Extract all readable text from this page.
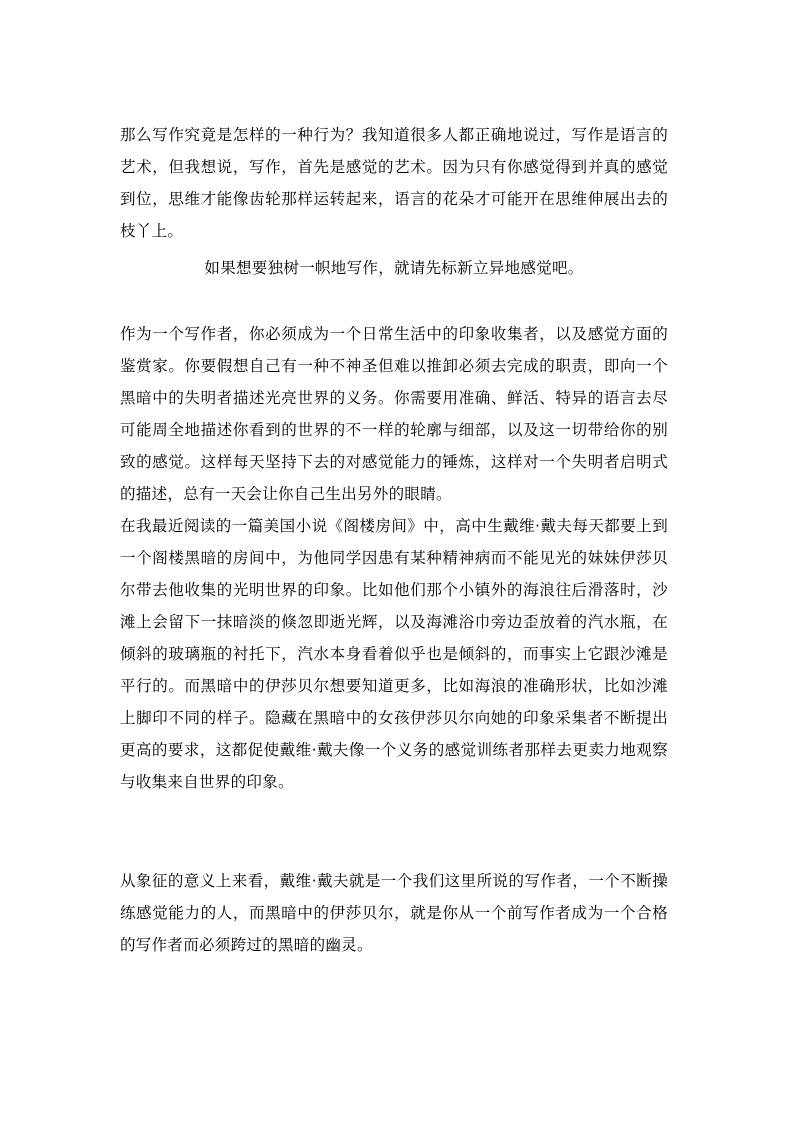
那么写作究竟是怎样的一种行为？我知道很多人都正确地说过，写作是语言的艺术，但我想说，写作，首先是感觉的艺术。因为只有你感觉得到并真的感觉到位，思维才能像齿轮那样运转起来，语言的花朵才可能开在思维伸展出去的枝丫上。

如果想要独树一帜地写作，就请先标新立异地感觉吧。

作为一个写作者，你必须成为一个日常生活中的印象收集者，以及感觉方面的鉴赏家。你要假想自己有一种不神圣但难以推卸必须去完成的职责，即向一个黑暗中的失明者描述光亮世界的义务。你需要用准确、鲜活、特异的语言去尽可能周全地描述你看到的世界的不一样的轮廓与细部，以及这一切带给你的别致的感觉。这样每天坚持下去的对感觉能力的锤炼，这样对一个失明者启明式的描述，总有一天会让你自己生出另外的眼睛。

在我最近阅读的一篇美国小说《阁楼房间》中，高中生戴维·戴夫每天都要上到一个阁楼黑暗的房间中，为他同学因患有某种精神病而不能见光的妹妹伊莎贝尔带去他收集的光明世界的印象。比如他们那个小镇外的海浪往后滑落时，沙滩上会留下一抹暗淡的倏忽即逝光辉，以及海滩浴巾旁边歪放着的汽水瓶，在倾斜的玻璃瓶的衬托下，汽水本身看着似乎也是倾斜的，而事实上它跟沙滩是平行的。而黑暗中的伊莎贝尔想要知道更多，比如海浪的准确形状，比如沙滩上脚印不同的样子。隐藏在黑暗中的女孩伊莎贝尔向她的印象采集者不断提出更高的要求，这都促使戴维·戴夫像一个义务的感觉训练者那样去更卖力地观察与收集来自世界的印象。

从象征的意义上来看，戴维·戴夫就是一个我们这里所说的写作者，一个不断操练感觉能力的人，而黑暗中的伊莎贝尔，就是你从一个前写作者成为一个合格的写作者而必须跨过的黑暗的幽灵。
